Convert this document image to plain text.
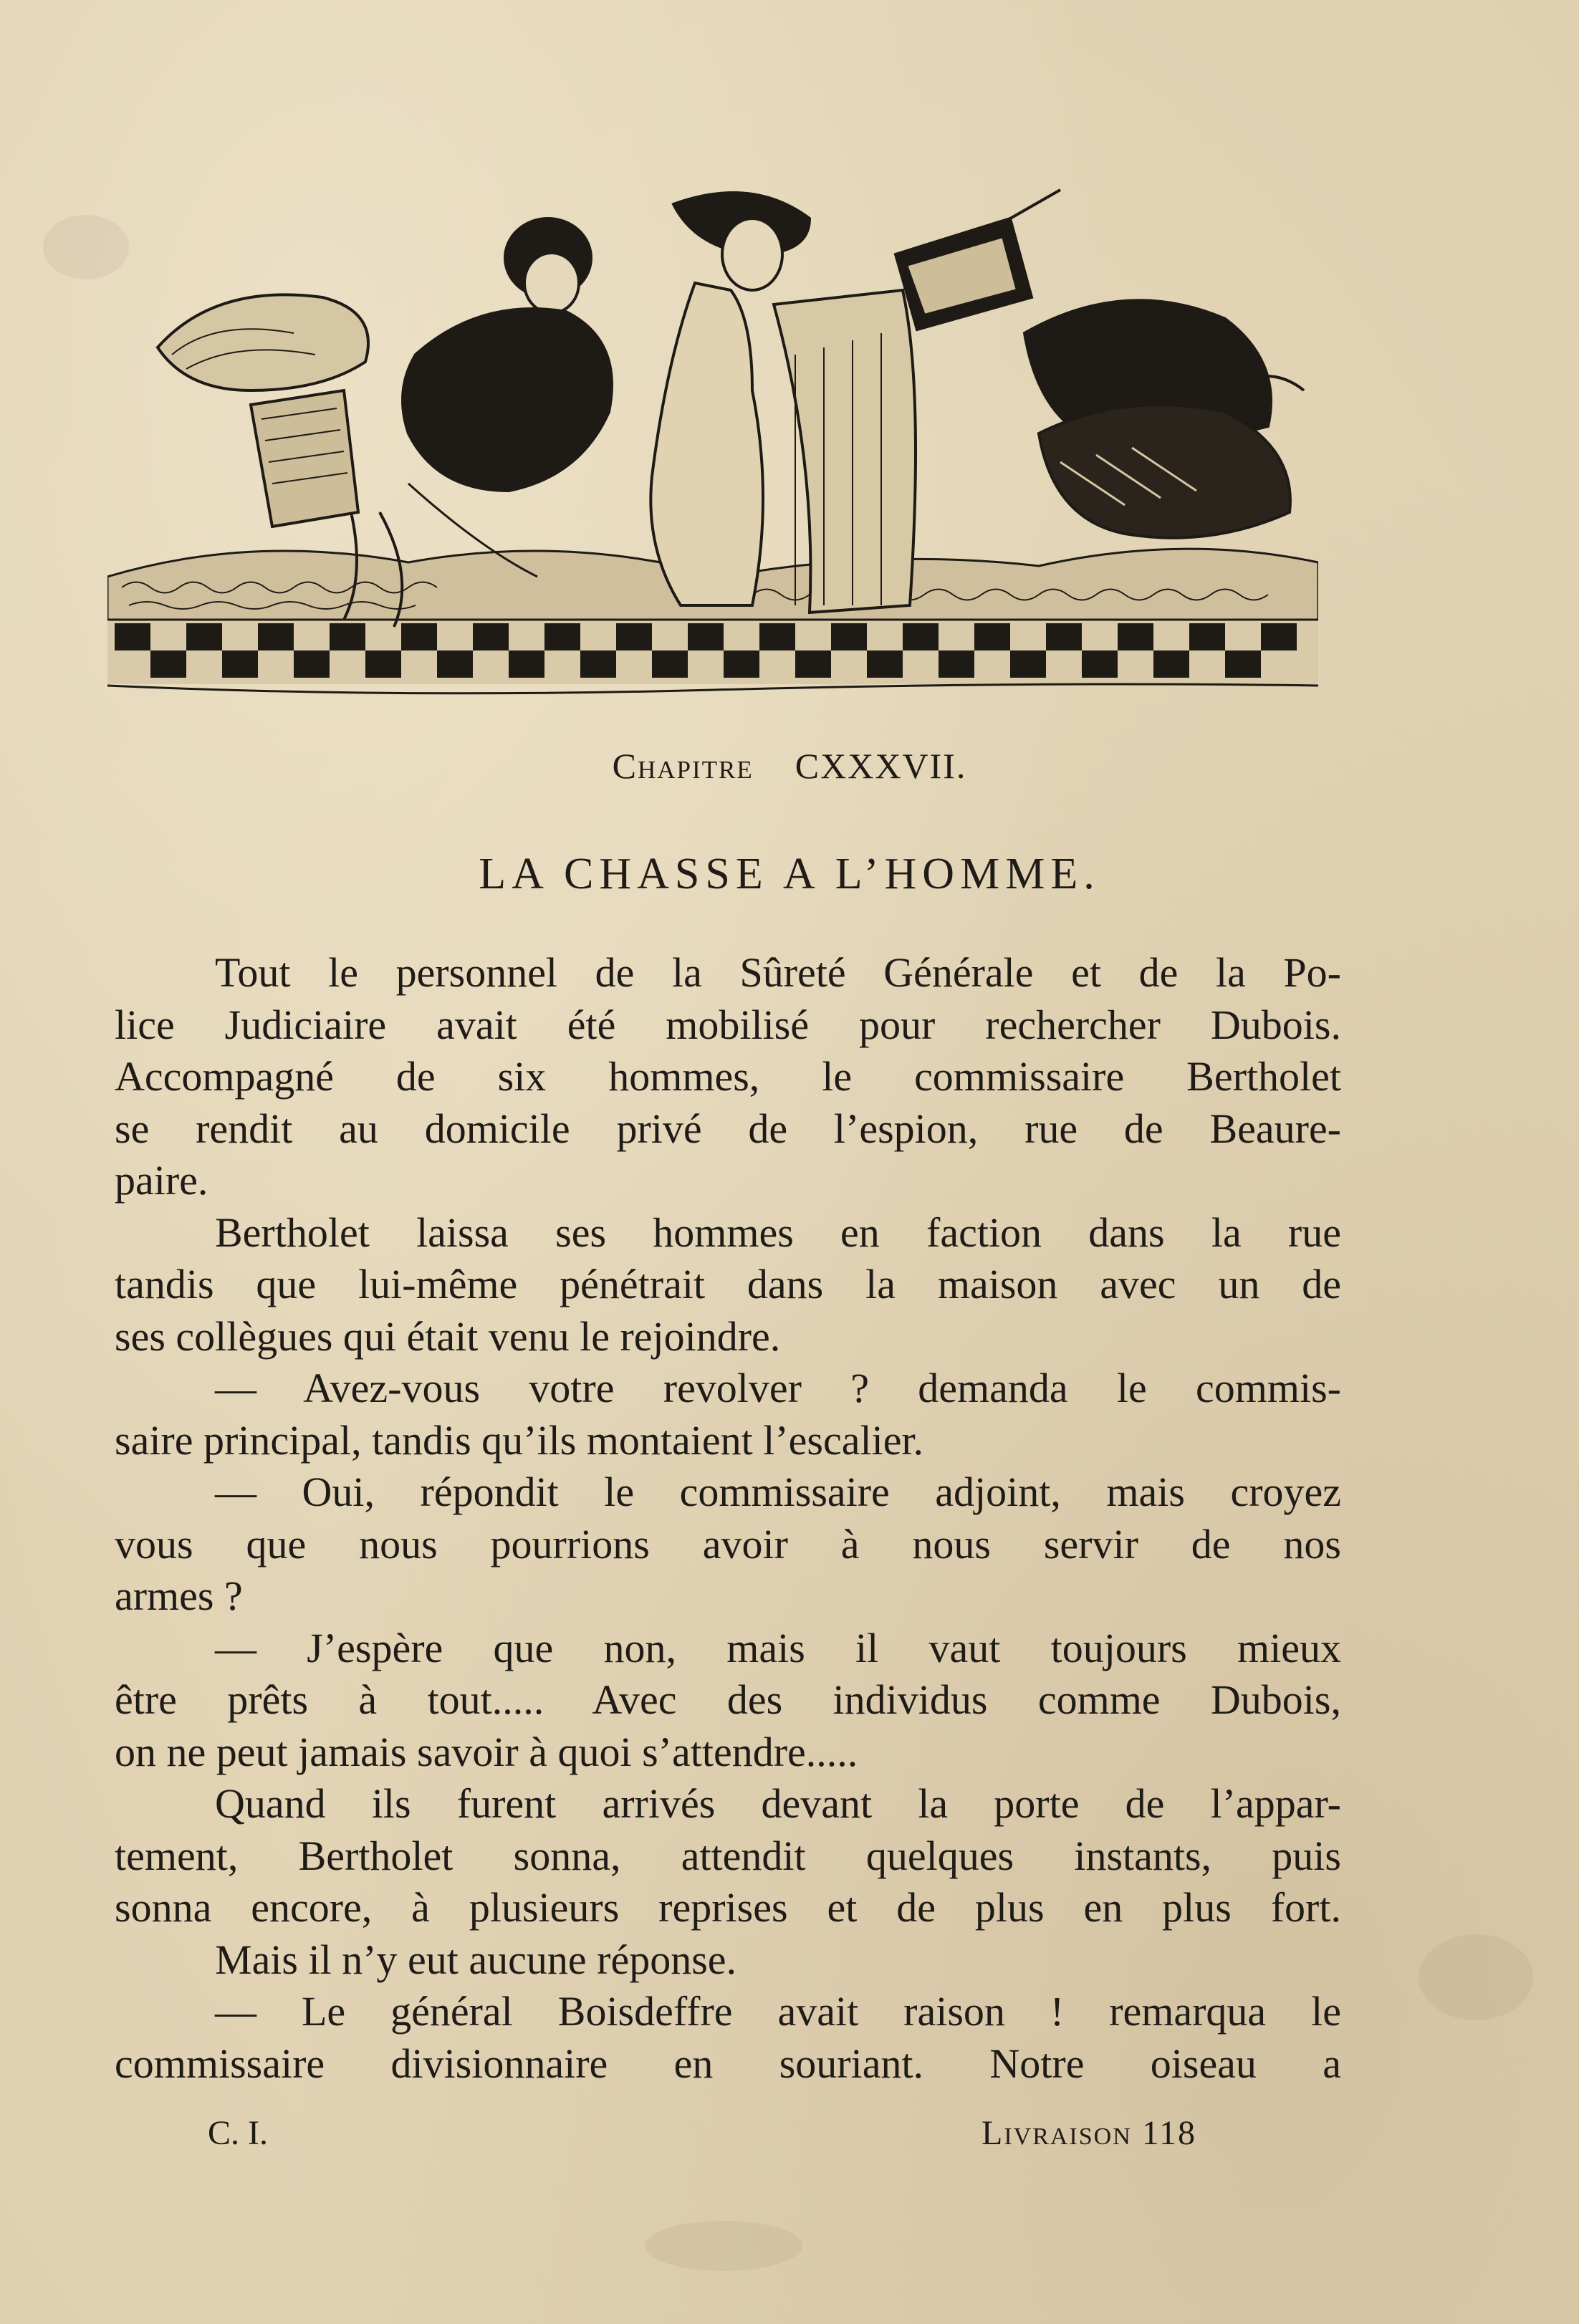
Chapitre CXXXVII.
LA CHASSE A L’HOMME.
Tout le personnel de la Sûreté Générale et de la Po-
lice Judiciaire avait été mobilisé pour rechercher Dubois.
Accompagné de six hommes, le commissaire Bertholet
se rendit au domicile privé de l’espion, rue de Beaure-
paire.
Bertholet laissa ses hommes en faction dans la rue
tandis que lui-même pénétrait dans la maison avec un de
ses collègues qui était venu le rejoindre.
— Avez-vous votre revolver ? demanda le commis-
saire principal, tandis qu’ils montaient l’escalier.
— Oui, répondit le commissaire adjoint, mais croyez
vous que nous pourrions avoir à nous servir de nos
armes ?
— J’espère que non, mais il vaut toujours mieux
être prêts à tout..... Avec des individus comme Dubois,
on ne peut jamais savoir à quoi s’attendre.....
Quand ils furent arrivés devant la porte de l’appar-
tement, Bertholet sonna, attendit quelques instants, puis
sonna encore, à plusieurs reprises et de plus en plus fort.
Mais il n’y eut aucune réponse.
— Le général Boisdeffre avait raison ! remarqua le
commissaire divisionnaire en souriant. Notre oiseau a
C. I.	Livraison 118
